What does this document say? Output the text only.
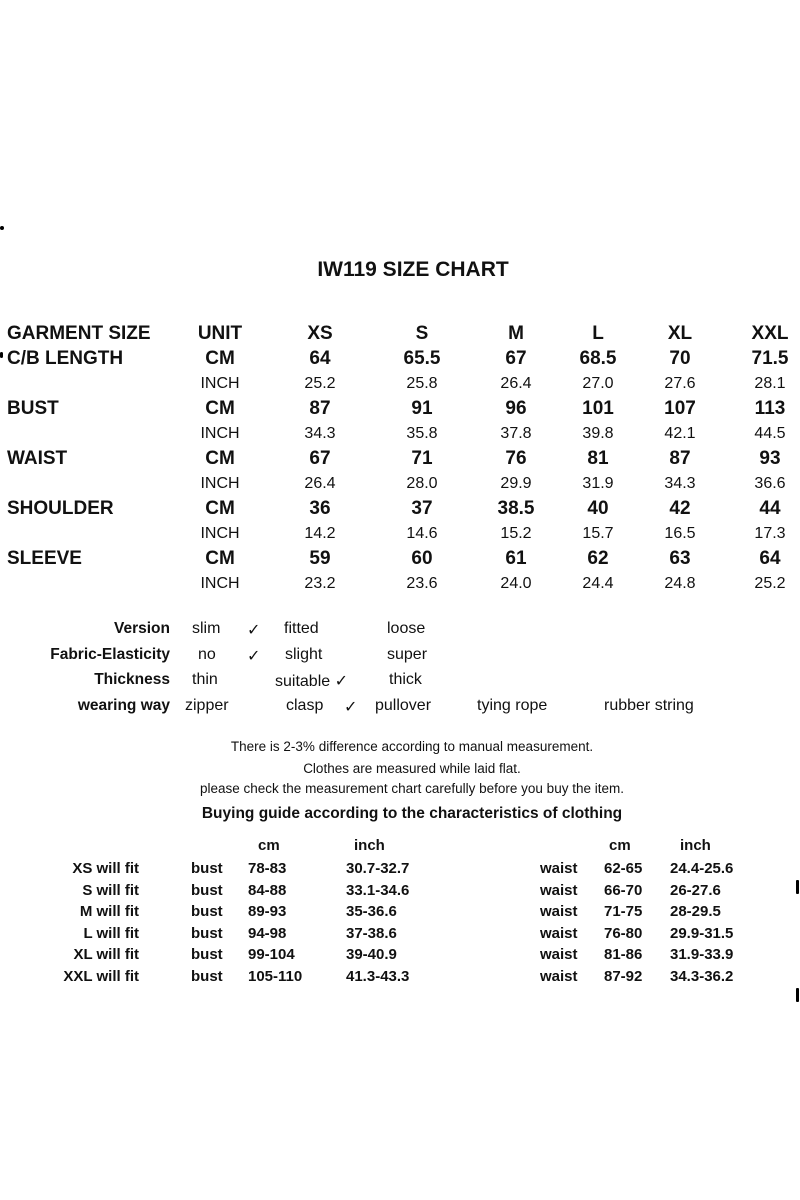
IW119 SIZE CHART
GARMENT SIZE	UNIT	XS	S	M	L	XL	XXL
C/B LENGTH	CM	64	65.5	67	68.5	70	71.5
INCH	25.2	25.8	26.4	27.0	27.6	28.1
BUST	CM	87	91	96	101	107	113
INCH	34.3	35.8	37.8	39.8	42.1	44.5
WAIST	CM	67	71	76	81	87	93
INCH	26.4	28.0	29.9	31.9	34.3	36.6
SHOULDER	CM	36	37	38.5	40	42	44
INCH	14.2	14.6	15.2	15.7	16.5	17.3
SLEEVE	CM	59	60	61	62	63	64
INCH	23.2	23.6	24.0	24.4	24.8	25.2
Version slim ✓ fitted	loose
Fabric-Elasticity no ✓ slight	super
Thickness thin	suitable ✓	thick
wearing way zipper	clasp ✓ pullover	tying rope	rubber string
There is 2-3% difference according to manual measurement.
Clothes are measured while laid flat.
please check the measurement chart carefully before you buy the item.
Buying guide according to the characteristics of clothing
cm	inch	cm	inch
XS will fit	bust 78-83	30.7-32.7	waist 62-65 24.4-25.6
S will fit	bust 84-88	33.1-34.6	waist 66-70 26-27.6
M will fit	bust 89-93	35-36.6	waist 71-75 28-29.5
L will fit	bust 94-98	37-38.6	waist 76-80 29.9-31.5
XL will fit	bust 99-104	39-40.9	waist 81-86 31.9-33.9
XXL will fit	bust 105-110	41.3-43.3	waist 87-92 34.3-36.2
